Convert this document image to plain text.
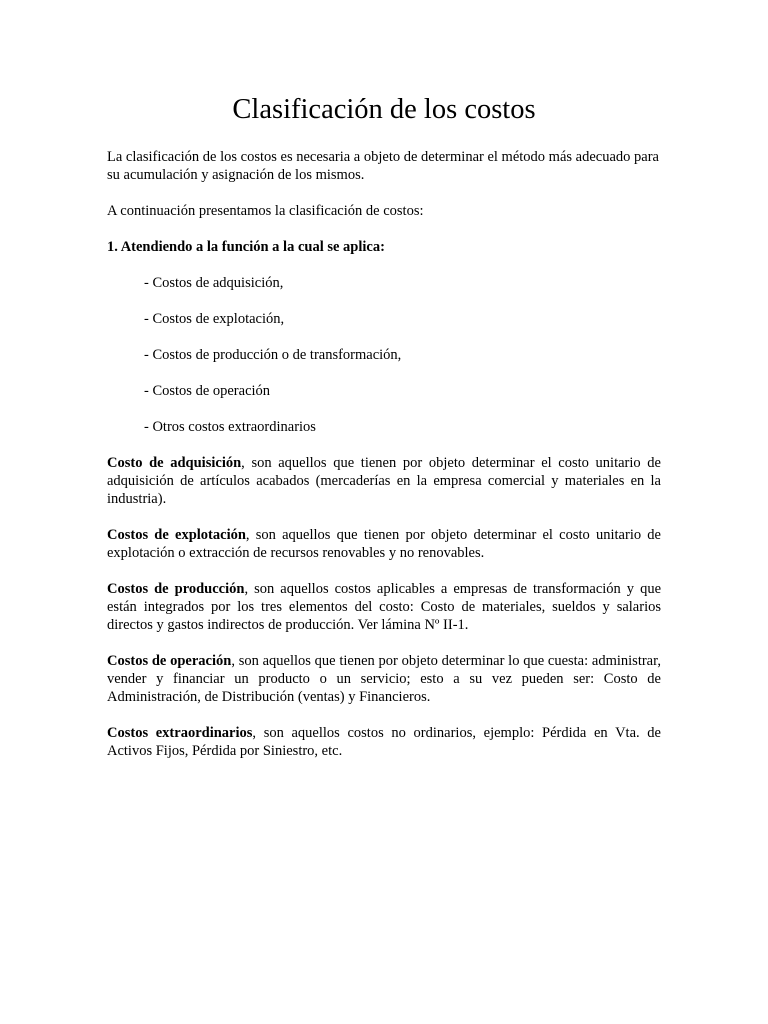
Clasificación de los costos

La clasificación de los costos es necesaria a objeto de determinar el método más adecuado para su acumulación y asignación de los mismos.

A continuación presentamos la clasificación de costos:

1. Atendiendo a la función a la cual se aplica:

- Costos de adquisición,
- Costos de explotación,
- Costos de producción o de transformación,
- Costos de operación
- Otros costos extraordinarios

Costo de adquisición, son aquellos que tienen por objeto determinar el costo unitario de adquisición de artículos acabados (mercaderías en la empresa comercial y materiales en la industria).

Costos de explotación, son aquellos que tienen por objeto determinar el costo unitario de explotación o extracción de recursos renovables y no renovables.

Costos de producción, son aquellos costos aplicables a empresas de transformación y que están integrados por los tres elementos del costo: Costo de materiales, sueldos y salarios directos y gastos indirectos de producción. Ver lámina Nº II-1.

Costos de operación, son aquellos que tienen por objeto determinar lo que cuesta: administrar, vender y financiar un producto o un servicio; esto a su vez pueden ser: Costo de Administración, de Distribución (ventas) y Financieros.

Costos extraordinarios, son aquellos costos no ordinarios, ejemplo: Pérdida en Vta. de Activos Fijos, Pérdida por Siniestro, etc.
